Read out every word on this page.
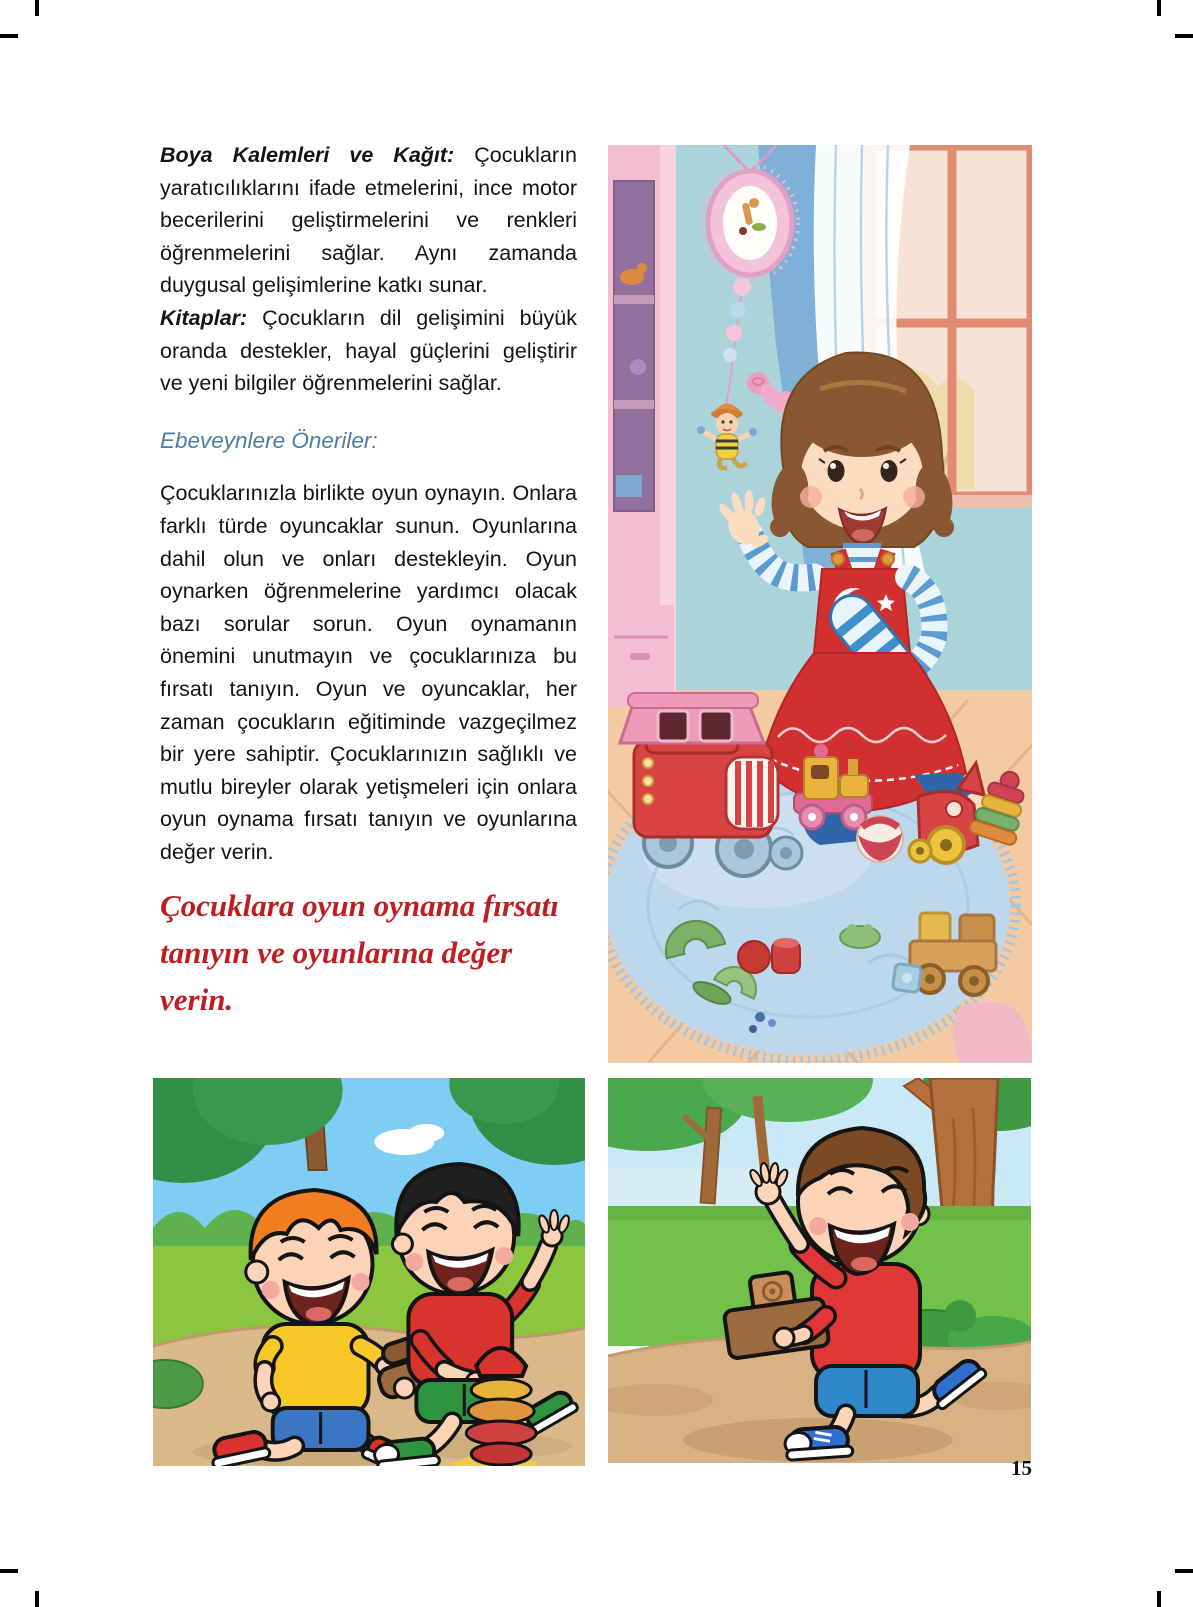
Boya Kalemleri ve Kağıt: Çocukların yaratıcılıklarını ifade etmelerini, ince motor becerilerini geliştirmelerini ve renkleri öğrenmelerini sağlar. Aynı zamanda duygusal gelişimlerine katkı sunar.

Kitaplar: Çocukların dil gelişimini büyük oranda destekler, hayal güçlerini geliştirir ve yeni bilgiler öğrenmelerini sağlar.

Ebeveynlere Öneriler:

Çocuklarınızla birlikte oyun oynayın. Onlara farklı türde oyuncaklar sunun. Oyunlarına dahil olun ve onları destekleyin. Oyun oynarken öğrenmelerine yardımcı olacak bazı sorular sorun. Oyun oynamanın önemini unutmayın ve çocuklarınıza bu fırsatı tanıyın. Oyun ve oyuncaklar, her zaman çocukların eğitiminde vazgeçilmez bir yere sahiptir. Çocuklarınızın sağlıklı ve mutlu bireyler olarak yetişmeleri için onlara oyun oynama fırsatı tanıyın ve oyunlarına değer verin.

Çocuklara oyun oynama fırsatı tanıyın ve oyunlarına değer verin.
15
